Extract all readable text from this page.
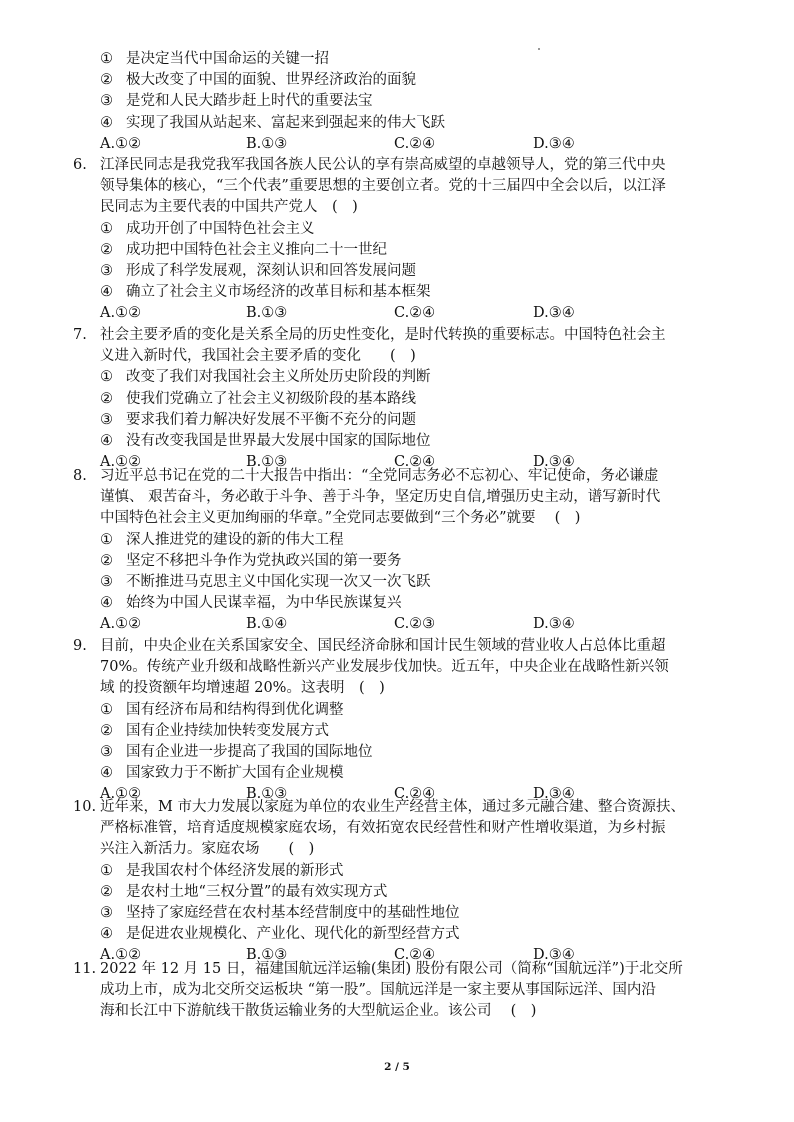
① 是决定当代中国命运的关键一招
② 极大改变了中国的面貌、世界经济政治的面貌
③ 是党和人民大踏步赶上时代的重要法宝
④ 实现了我国从站起来、富起来到强起来的伟大飞跃
A.①②	B.①③	C.②④	D.③④
6. 江泽民同志是我党我军我国各族人民公认的享有崇高威望的卓越领导人，党的第三代中央
领导集体的核心，“三个代表”重要思想的主要创立者。党的十三届四中全会以后，以江泽
民同志为主要代表的中国共产党人　(　)
① 成功开创了中国特色社会主义
② 成功把中国特色社会主义推向二十一世纪
③ 形成了科学发展观，深刻认识和回答发展问题
④ 确立了社会主义市场经济的改革目标和基本框架
A.①②	B.①③	C.②④	D.③④
7. 社会主要矛盾的变化是关系全局的历史性变化，是时代转换的重要标志。中国特色社会主
义进入新时代，我国社会主要矛盾的变化　　(　)
① 改变了我们对我国社会主义所处历史阶段的判断
② 使我们党确立了社会主义初级阶段的基本路线
③ 要求我们着力解决好发展不平衡不充分的问题
④ 没有改变我国是世界最大发展中国家的国际地位
A.①②	B.①③	C.②④	D.③④
8. 习近平总书记在党的二十大报告中指出：“全党同志务必不忘初心、牢记使命，务必谦虚
谨慎、 艰苦奋斗，务必敢于斗争、善于斗争，坚定历史自信,增强历史主动，谱写新时代
中国特色社会主义更加绚丽的华章。”全党同志要做到“三个务必”就要　 (　)
① 深人推进党的建设的新的伟大工程
② 坚定不移把斗争作为党执政兴国的第一要务
③ 不断推进马克思主义中国化实现一次又一次飞跃
④ 始终为中国人民谋幸福，为中华民族谋复兴
A.①②	B.①④	C.②③	D.③④
9. 目前，中央企业在关系国家安全、国民经济命脉和国计民生领域的营业收人占总体比重超
70%。传统产业升级和战略性新兴产业发展步伐加快。近五年，中央企业在战略性新兴领
域 的投资额年均增速超 20%。这表明　(　)
① 国有经济布局和结构得到优化调整
② 国有企业持续加快转变发展方式
③ 国有企业进一步提高了我国的国际地位
④ 国家致力于不断扩大国有企业规模
A.①②	B.①③	C.②④	D.③④
10. 近年来，M 市大力发展以家庭为单位的农业生产经营主体，通过多元融合建、整合资源扶、
严格标准管，培育适度规模家庭农场，有效拓宽农民经营性和财产性增收渠道，为乡村振
兴注入新活力。家庭农场　　(　)
① 是我国农村个体经济发展的新形式
② 是农村土地“三权分置”的最有效实现方式
③ 坚持了家庭经营在农村基本经营制度中的基础性地位
④ 是促进农业规模化、产业化、现代化的新型经营方式
A.①②	B.①③	C.②④	D.③④
11. 2022 年 12 月 15 日，福建国航远洋运输(集团) 股份有限公司（简称“国航远洋”)于北交所
成功上市，成为北交所交运板块 “第一股”。国航远洋是一家主要从事国际远洋、国内沿
海和长江中下游航线干散货运输业务的大型航运企业。该公司　 (　)
2 / 5
